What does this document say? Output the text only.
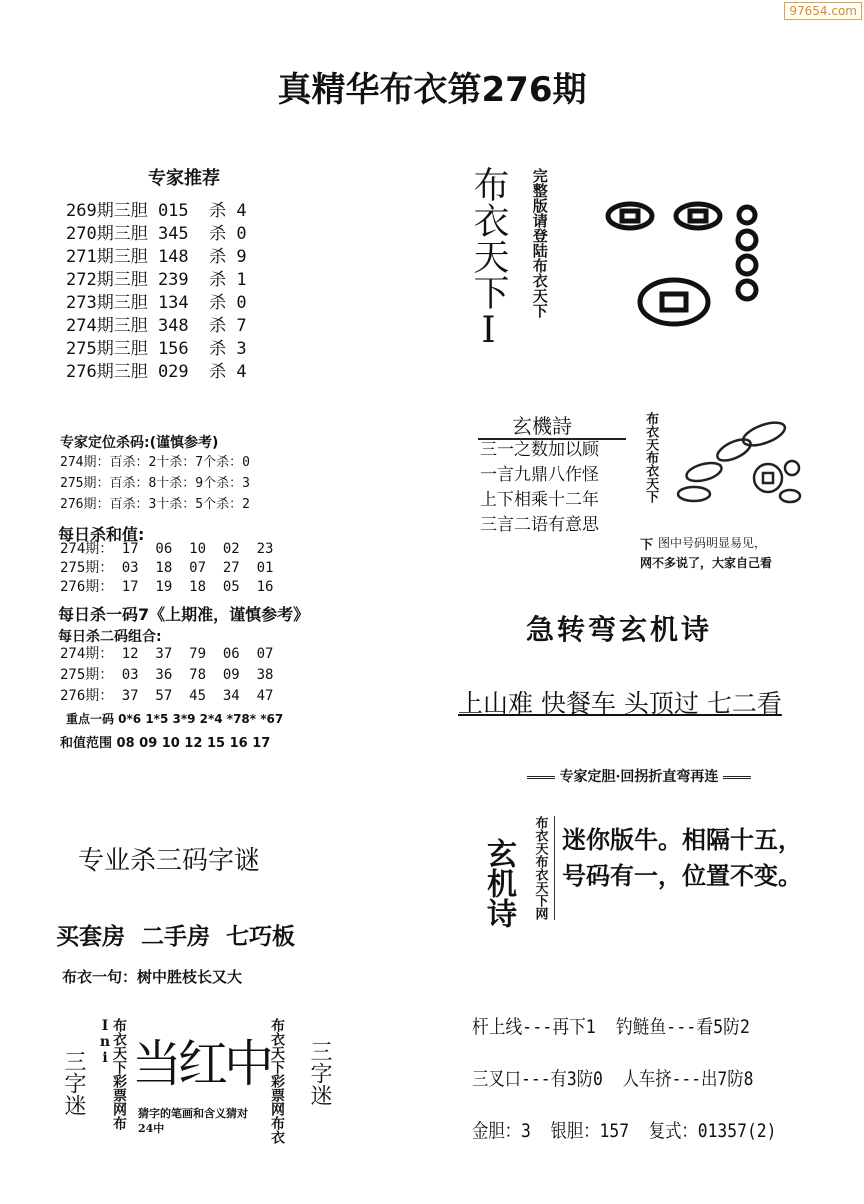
97654.com
真精华布衣第276期
专家推荐
269期三胆 015  杀 4
270期三胆 345  杀 0
271期三胆 148  杀 9
272期三胆 239  杀 1
273期三胆 134  杀 0
274期三胆 348  杀 7
275期三胆 156  杀 3
276期三胆 029  杀 4
专家定位杀码:(谨慎参考)
274期：百杀：2十杀：7个杀：0
275期：百杀：8十杀：9个杀：3
276期：百杀：3十杀：5个杀：2
每日杀和值:
274期： 17  06  10  02  23
275期： 03  18  07  27  01
276期： 17  19  18  05  16
每日杀一码7《上期准，谨慎参考》
每日杀二码组合:
274期： 12  37  79  06  07
275期： 03  36  78  09  38
276期： 37  57  45  34  47
重点一码 0*6 1*5 3*9 2*4 *78* *67
和值范围 08 09 10 12 15 16 17
专业杀三码字谜
买套房  二手房  七巧板
布衣一句：树中胜枝长又大
三字迷	布衣天下彩票网布Ini 当红中
猜字的笔画和含义猜对24中	布衣天下彩票网布衣 三字迷
布衣天下I 完整版请登陆布衣天下
玄機詩
三一之数加以顾
一言九鼎八作怪
上下相乘十二年
三言二语有意思
布衣天布衣天下
下 图中号码明显易见，
网不多说了，大家自己看
急转弯玄机诗
上山难 快餐车 头顶过 七二看
专家定胆·回拐折直弯再连
玄机诗 布衣天布衣天下网 迷你版牛。相隔十五，
号码有一，位置不变。
杆上线---再下1  钓鲢鱼---看5防2
三叉口---有3防0  人车挤---出7防8
金胆：3  银胆：157  复式：01357(2)
